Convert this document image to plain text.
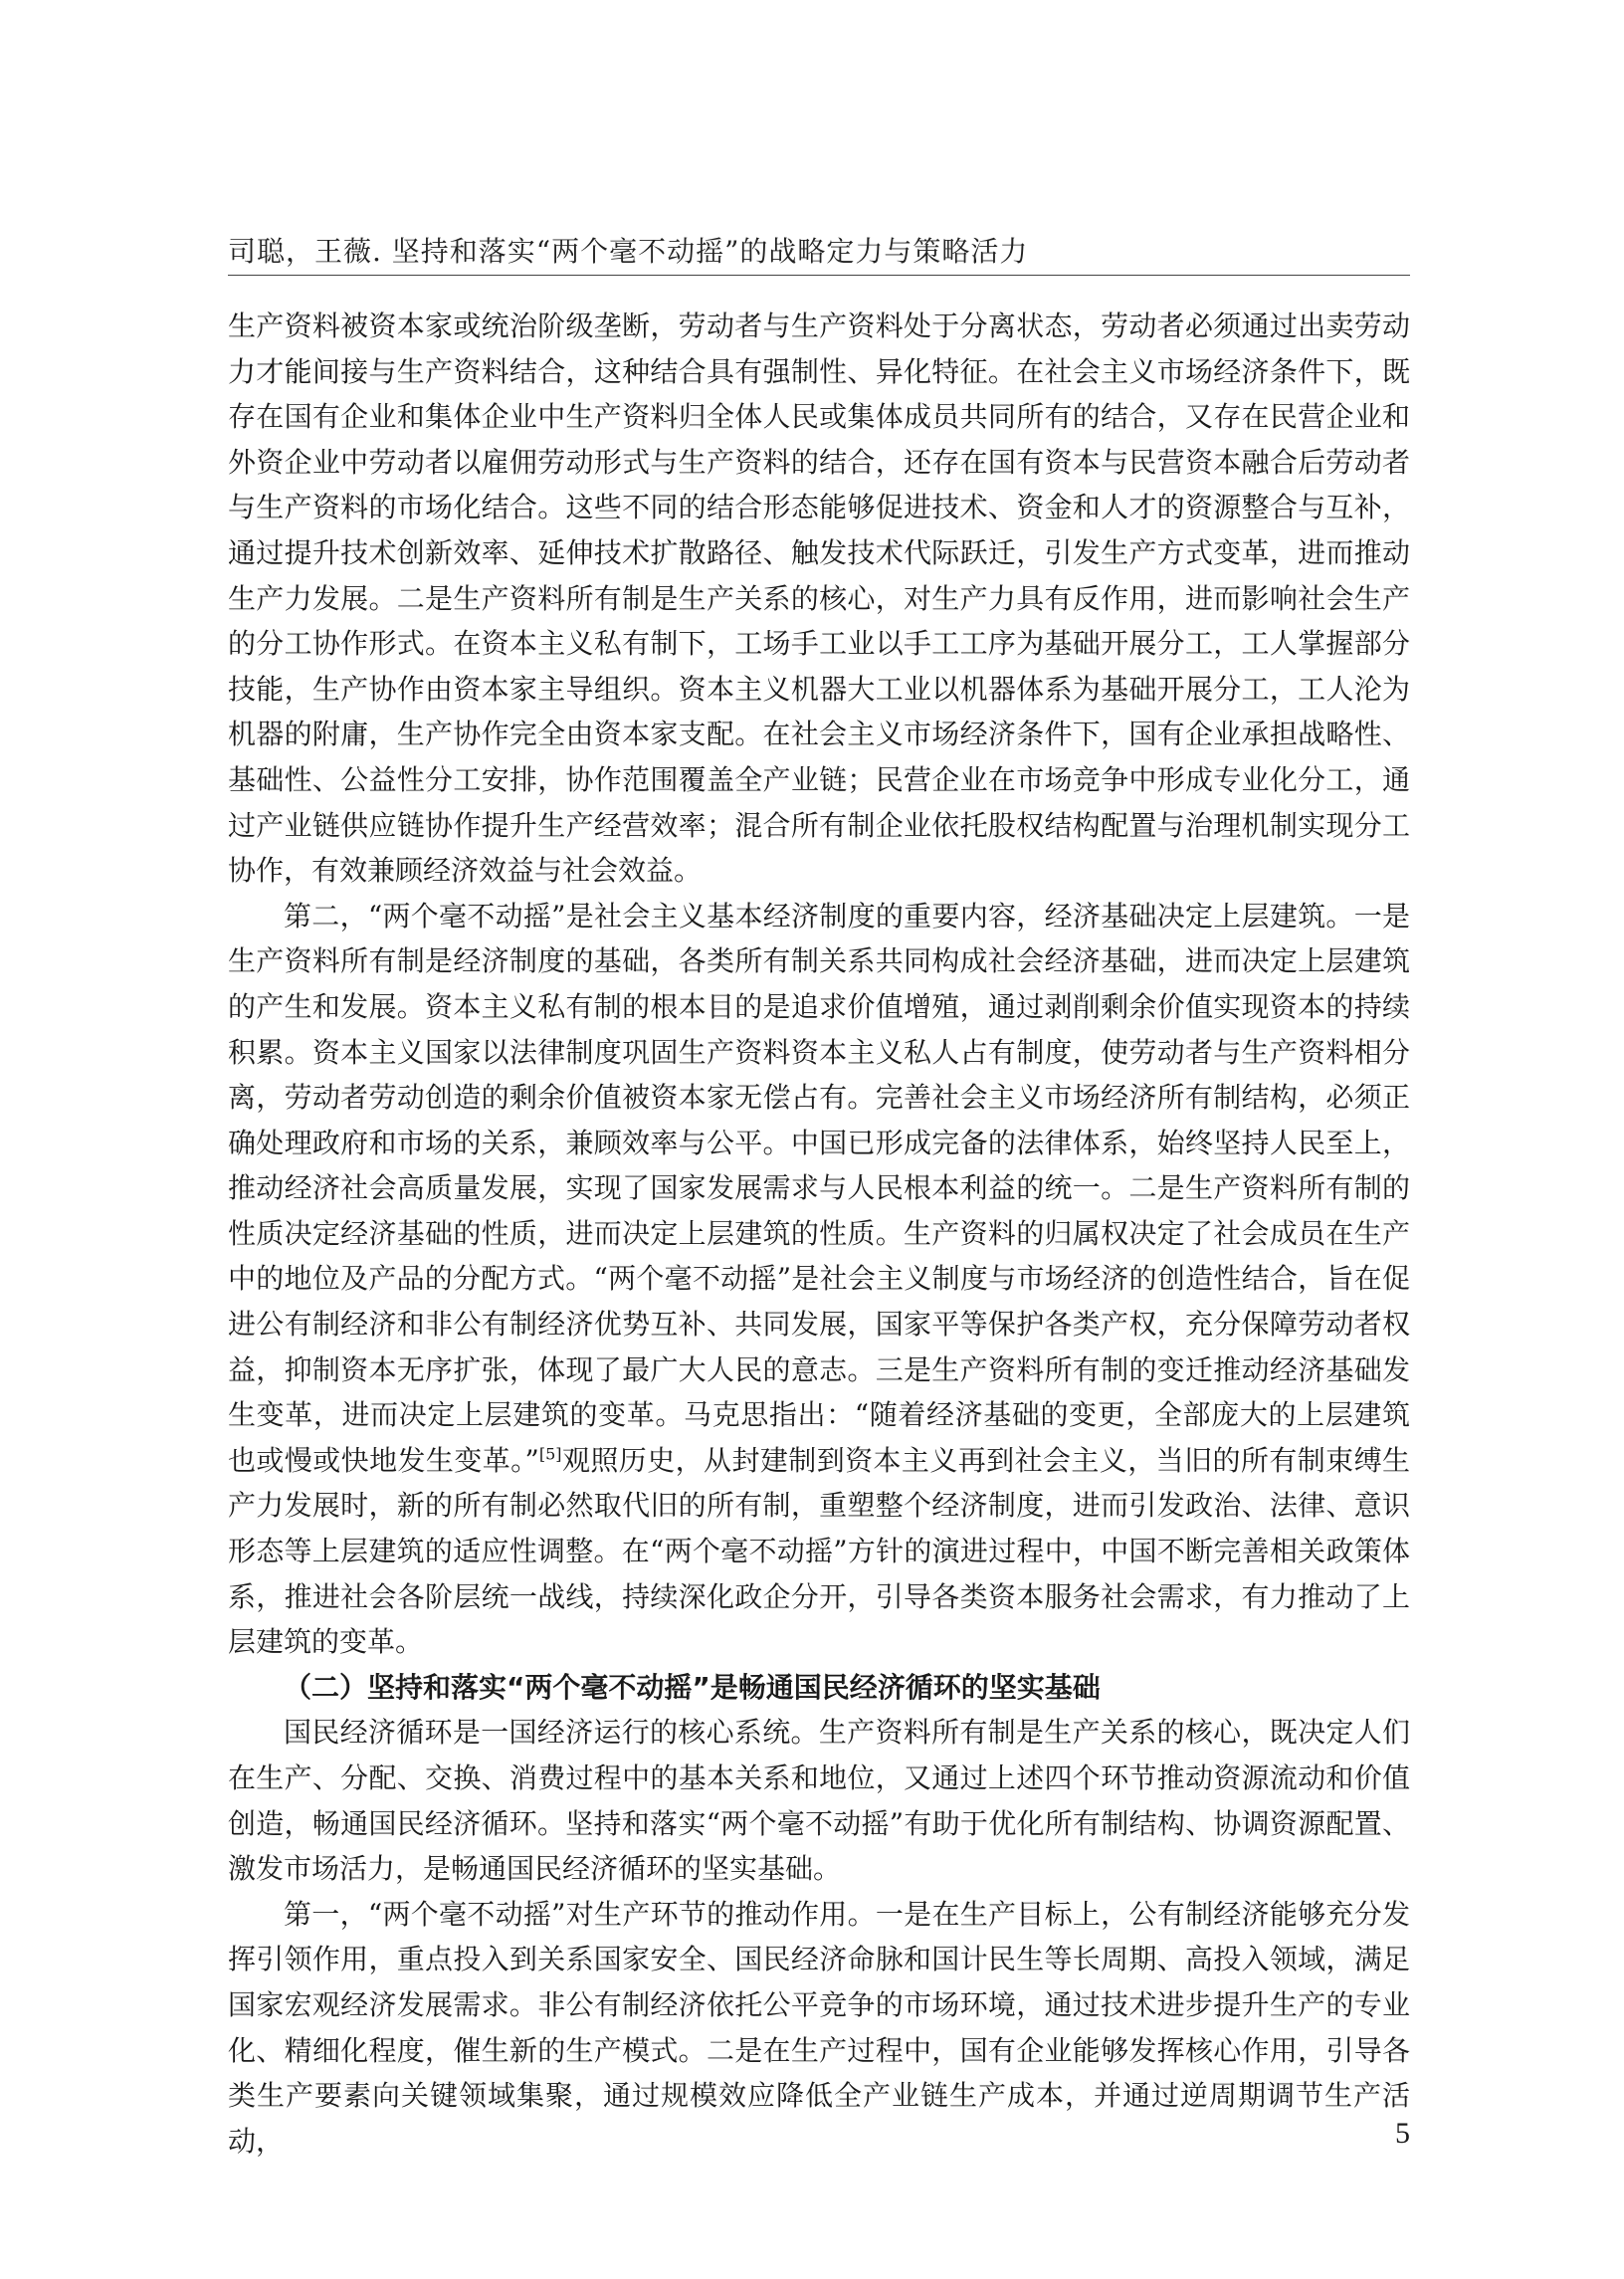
司聪，王薇. 坚持和落实“两个毫不动摇”的战略定力与策略活力

生产资料被资本家或统治阶级垄断，劳动者与生产资料处于分离状态，劳动者必须通过出卖劳动力才能间接与生产资料结合，这种结合具有强制性、异化特征。在社会主义市场经济条件下，既存在国有企业和集体企业中生产资料归全体人民或集体成员共同所有的结合，又存在民营企业和外资企业中劳动者以雇佣劳动形式与生产资料的结合，还存在国有资本与民营资本融合后劳动者与生产资料的市场化结合。这些不同的结合形态能够促进技术、资金和人才的资源整合与互补，通过提升技术创新效率、延伸技术扩散路径、触发技术代际跃迁，引发生产方式变革，进而推动生产力发展。二是生产资料所有制是生产关系的核心，对生产力具有反作用，进而影响社会生产的分工协作形式。在资本主义私有制下，工场手工业以手工工序为基础开展分工，工人掌握部分技能，生产协作由资本家主导组织。资本主义机器大工业以机器体系为基础开展分工，工人沦为机器的附庸，生产协作完全由资本家支配。在社会主义市场经济条件下，国有企业承担战略性、基础性、公益性分工安排，协作范围覆盖全产业链；民营企业在市场竞争中形成专业化分工，通过产业链供应链协作提升生产经营效率；混合所有制企业依托股权结构配置与治理机制实现分工协作，有效兼顾经济效益与社会效益。

第二，“两个毫不动摇”是社会主义基本经济制度的重要内容，经济基础决定上层建筑。一是生产资料所有制是经济制度的基础，各类所有制关系共同构成社会经济基础，进而决定上层建筑的产生和发展。资本主义私有制的根本目的是追求价值增殖，通过剥削剩余价值实现资本的持续积累。资本主义国家以法律制度巩固生产资料资本主义私人占有制度，使劳动者与生产资料相分离，劳动者劳动创造的剩余价值被资本家无偿占有。完善社会主义市场经济所有制结构，必须正确处理政府和市场的关系，兼顾效率与公平。中国已形成完备的法律体系，始终坚持人民至上，推动经济社会高质量发展，实现了国家发展需求与人民根本利益的统一。二是生产资料所有制的性质决定经济基础的性质，进而决定上层建筑的性质。生产资料的归属权决定了社会成员在生产中的地位及产品的分配方式。“两个毫不动摇”是社会主义制度与市场经济的创造性结合，旨在促进公有制经济和非公有制经济优势互补、共同发展，国家平等保护各类产权，充分保障劳动者权益，抑制资本无序扩张，体现了最广大人民的意志。三是生产资料所有制的变迁推动经济基础发生变革，进而决定上层建筑的变革。马克思指出：“随着经济基础的变更，全部庞大的上层建筑也或慢或快地发生变革。”[5]观照历史，从封建制到资本主义再到社会主义，当旧的所有制束缚生产力发展时，新的所有制必然取代旧的所有制，重塑整个经济制度，进而引发政治、法律、意识形态等上层建筑的适应性调整。在“两个毫不动摇”方针的演进过程中，中国不断完善相关政策体系，推进社会各阶层统一战线，持续深化政企分开，引导各类资本服务社会需求，有力推动了上层建筑的变革。

（二）坚持和落实“两个毫不动摇”是畅通国民经济循环的坚实基础

国民经济循环是一国经济运行的核心系统。生产资料所有制是生产关系的核心，既决定人们在生产、分配、交换、消费过程中的基本关系和地位，又通过上述四个环节推动资源流动和价值创造，畅通国民经济循环。坚持和落实“两个毫不动摇”有助于优化所有制结构、协调资源配置、激发市场活力，是畅通国民经济循环的坚实基础。

第一，“两个毫不动摇”对生产环节的推动作用。一是在生产目标上，公有制经济能够充分发挥引领作用，重点投入到关系国家安全、国民经济命脉和国计民生等长周期、高投入领域，满足国家宏观经济发展需求。非公有制经济依托公平竞争的市场环境，通过技术进步提升生产的专业化、精细化程度，催生新的生产模式。二是在生产过程中，国有企业能够发挥核心作用，引导各类生产要素向关键领域集聚，通过规模效应降低全产业链生产成本，并通过逆周期调节生产活动，	5
